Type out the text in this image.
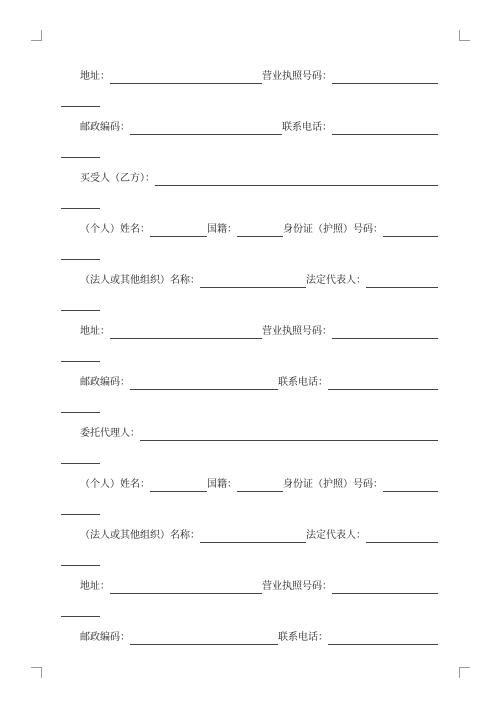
地址：	营业执照号码：
邮政编码：	联系电话：
买受人（乙方）：
（个人）姓名：	国籍：	身份证（护照）号码：
（法人或其他组织）名称：	法定代表人：
地址：	营业执照号码：
邮政编码：	联系电话：
委托代理人：
（个人）姓名：	国籍：	身份证（护照）号码：
（法人或其他组织）名称：	法定代表人：
地址：	营业执照号码：
邮政编码：	联系电话：
